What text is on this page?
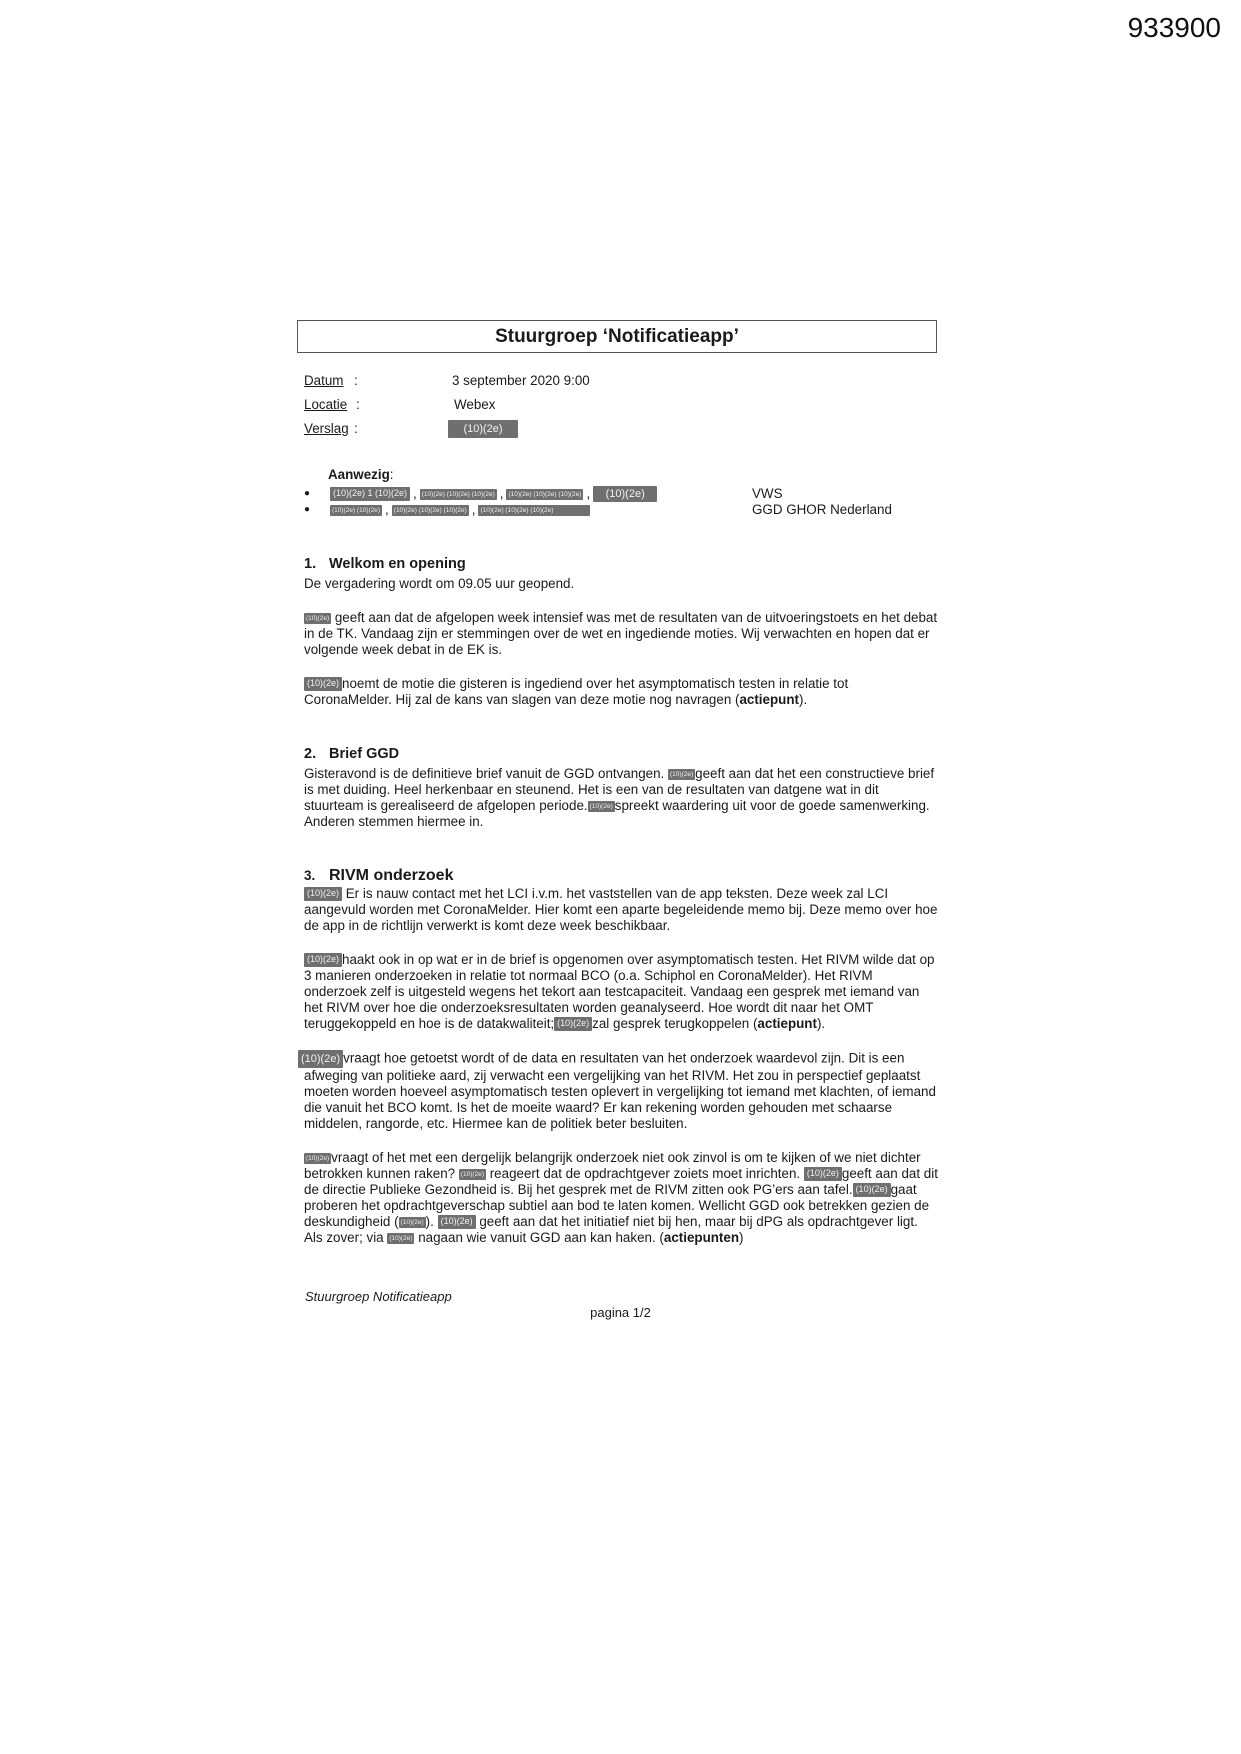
933900
Stuurgroep ‘Notificatieapp’
Datum :	3 september 2020 9:00
Locatie :	Webex
Verslag :	(10)(2e)
Aanwezig:
●	(10)(2e) 1 (10)(2e) , (10)(2e) (10)(2e) (10)(2e) , (10)(2e) (10)(2e) (10)(2e) ,	(10)(2e)	VWS
●	(10)(2e) (10)(2e) , (10)(2e) (10)(2e) (10)(2e) , (10)(2e) (10)(2e) (10)(2e)	GGD GHOR Nederland
1. Welkom en opening

De vergadering wordt om 09.05 uur geopend.

(10)(2e) geeft aan dat de afgelopen week intensief was met de resultaten van de uitvoeringstoets en het debat in de TK. Vandaag zijn er stemmingen over de wet en ingediende moties. Wij verwachten en hopen dat er volgende week debat in de EK is.

(10)(2e) noemt de motie die gisteren is ingediend over het asymptomatisch testen in relatie tot CoronaMelder. Hij zal de kans van slagen van deze motie nog navragen (actiepunt).

2. Brief GGD

Gisteravond is de definitieve brief vanuit de GGD ontvangen. (10)(2e) geeft aan dat het een constructieve brief is met duiding. Heel herkenbaar en steunend. Het is een van de resultaten van datgene wat in dit stuurteam is gerealiseerd de afgelopen periode. (10)(2e) spreekt waardering uit voor de goede samenwerking. Anderen stemmen hiermee in.

3. RIVM onderzoek

(10)(2e) Er is nauw contact met het LCI i.v.m. het vaststellen van de app teksten. Deze week zal LCI aangevuld worden met CoronaMelder. Hier komt een aparte begeleidende memo bij. Deze memo over hoe de app in de richtlijn verwerkt is komt deze week beschikbaar.

(10)(2e) haakt ook in op wat er in de brief is opgenomen over asymptomatisch testen. Het RIVM wilde dat op 3 manieren onderzoeken in relatie tot normaal BCO (o.a. Schiphol en CoronaMelder). Het RIVM onderzoek zelf is uitgesteld wegens het tekort aan testcapaciteit. Vandaag een gesprek met iemand van het RIVM over hoe die onderzoeksresultaten worden geanalyseerd. Hoe wordt dit naar het OMT teruggekoppeld en hoe is de datakwaliteit; (10)(2e) zal gesprek terugkoppelen (actiepunt).

(10)(2e) vraagt hoe getoetst wordt of de data en resultaten van het onderzoek waardevol zijn. Dit is een afweging van politieke aard, zij verwacht een vergelijking van het RIVM. Het zou in perspectief geplaatst moeten worden hoeveel asymptomatisch testen oplevert in vergelijking tot iemand met klachten, of iemand die vanuit het BCO komt. Is het de moeite waard? Er kan rekening worden gehouden met schaarse middelen, rangorde, etc. Hiermee kan de politiek beter besluiten.

(10)(2e) vraagt of het met een dergelijk belangrijk onderzoek niet ook zinvol is om te kijken of we niet dichter betrokken kunnen raken? (10)(2e) reageert dat de opdrachtgever zoiets moet inrichten. (10)(2e) geeft aan dat dit de directie Publieke Gezondheid is. Bij het gesprek met de RIVM zitten ook PG’ers aan tafel. (10)(2e) gaat proberen het opdrachtgeverschap subtiel aan bod te laten komen. Wellicht GGD ook betrekken gezien de deskundigheid ( (10)(2e) ). (10)(2e) geeft aan dat het initiatief niet bij hen, maar bij dPG als opdrachtgever ligt. Als zover; via (10)(2e) nagaan wie vanuit GGD aan kan haken. (actiepunten)

Stuurgroep Notificatieapp
pagina 1/2
